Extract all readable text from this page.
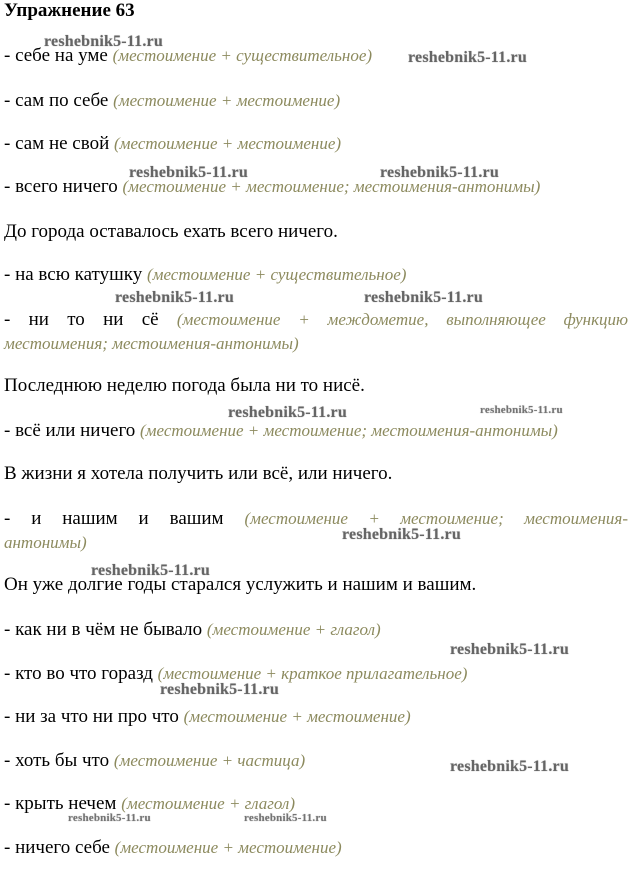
Упражнение 63
- себе на уме (местоимение + существительное)
- сам по себе (местоимение + местоимение)
- сам не свой (местоимение + местоимение)
- всего ничего (местоимение + местоимение; местоимения-антонимы)
До города оставалось ехать всего ничего.
- на всю катушку (местоимение + существительное)
- ни то ни сё (местоимение + междометие, выполняющее функцию
местоимения; местоимения-антонимы)
Последнюю неделю погода была ни то нисё.
- всё или ничего (местоимение + местоимение; местоимения-антонимы)
В жизни я хотела получить или всё, или ничего.
- и нашим и вашим (местоимение + местоимение; местоимения-
антонимы)
Он уже долгие годы старался услужить и нашим и вашим.
- как ни в чём не бывало (местоимение + глагол)
- кто во что горазд (местоимение + краткое прилагательное)
- ни за что ни про что (местоимение + местоимение)
- хоть бы что (местоимение + частица)
- крыть нечем (местоимение + глагол)
- ничего себе (местоимение + местоимение)
reshebnik5-11.ru
reshebnik5-11.ru
reshebnik5-11.ru	reshebnik5-11.ru
reshebnik5-11.ru	reshebnik5-11.ru
reshebnik5-11.ru	reshebnik5-11.ru
reshebnik5-11.ru
reshebnik5-11.ru
reshebnik5-11.ru
reshebnik5-11.ru
reshebnik5-11.ru
reshebnik5-11.ru	reshebnik5-11.ru
